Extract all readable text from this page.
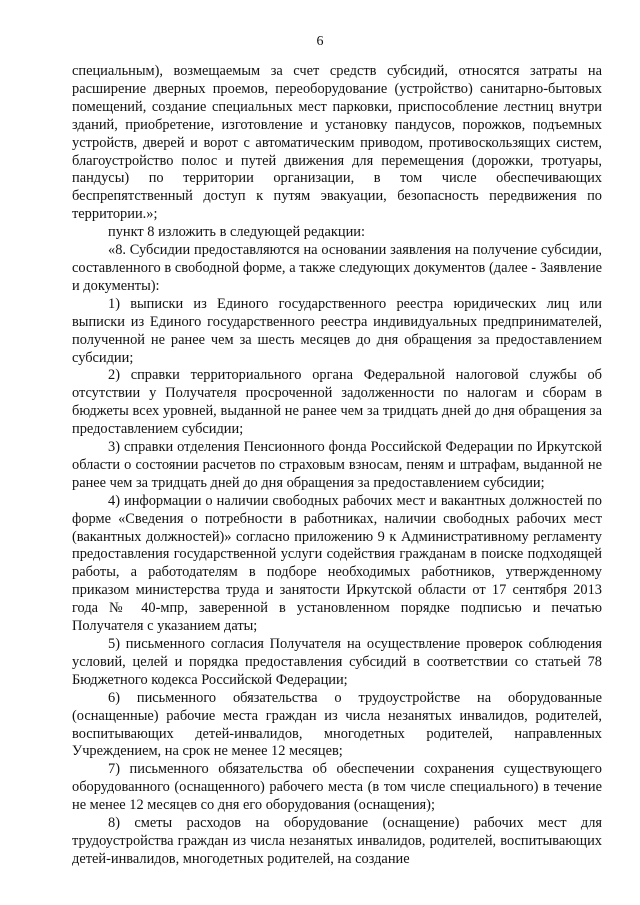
6

специальным), возмещаемым за счет средств субсидий, относятся затраты на расширение дверных проемов, переоборудование (устройство) санитарно-бытовых помещений, создание специальных мест парковки, приспособление лестниц внутри зданий, приобретение, изготовление и установку пандусов, порожков, подъемных устройств, дверей и ворот с автоматическим приводом, противоскользящих систем, благоустройство полос и путей движения для перемещения (дорожки, тротуары, пандусы) по территории организации, в том числе обеспечивающих беспрепятственный доступ к путям эвакуации, безопасность передвижения по территории.»;

пункт 8 изложить в следующей редакции:

«8. Субсидии предоставляются на основании заявления на получение субсидии, составленного в свободной форме, а также следующих документов (далее - Заявление и документы):

1) выписки из Единого государственного реестра юридических лиц или выписки из Единого государственного реестра индивидуальных предпринимателей, полученной не ранее чем за шесть месяцев до дня обращения за предоставлением субсидии;

2) справки территориального органа Федеральной налоговой службы об отсутствии у Получателя просроченной задолженности по налогам и сборам в бюджеты всех уровней, выданной не ранее чем за тридцать дней до дня обращения за предоставлением субсидии;

3) справки отделения Пенсионного фонда Российской Федерации по Иркутской области о состоянии расчетов по страховым взносам, пеням и штрафам, выданной не ранее чем за тридцать дней до дня обращения за предоставлением субсидии;

4) информации о наличии свободных рабочих мест и вакантных должностей по форме «Сведения о потребности в работниках, наличии свободных рабочих мест (вакантных должностей)» согласно приложению 9 к Административному регламенту предоставления государственной услуги содействия гражданам в поиске подходящей работы, а работодателям в подборе необходимых работников, утвержденному приказом министерства труда и занятости Иркутской области от 17 сентября 2013 года № 40-мпр, заверенной в установленном порядке подписью и печатью Получателя с указанием даты;

5) письменного согласия Получателя на осуществление проверок соблюдения условий, целей и порядка предоставления субсидий в соответствии со статьей 78 Бюджетного кодекса Российской Федерации;

6) письменного обязательства о трудоустройстве на оборудованные (оснащенные) рабочие места граждан из числа незанятых инвалидов, родителей, воспитывающих детей-инвалидов, многодетных родителей, направленных Учреждением, на срок не менее 12 месяцев;

7) письменного обязательства об обеспечении сохранения существующего оборудованного (оснащенного) рабочего места (в том числе специального) в течение не менее 12 месяцев со дня его оборудования (оснащения);

8) сметы расходов на оборудование (оснащение) рабочих мест для трудоустройства граждан из числа незанятых инвалидов, родителей, воспитывающих детей-инвалидов, многодетных родителей, на создание
